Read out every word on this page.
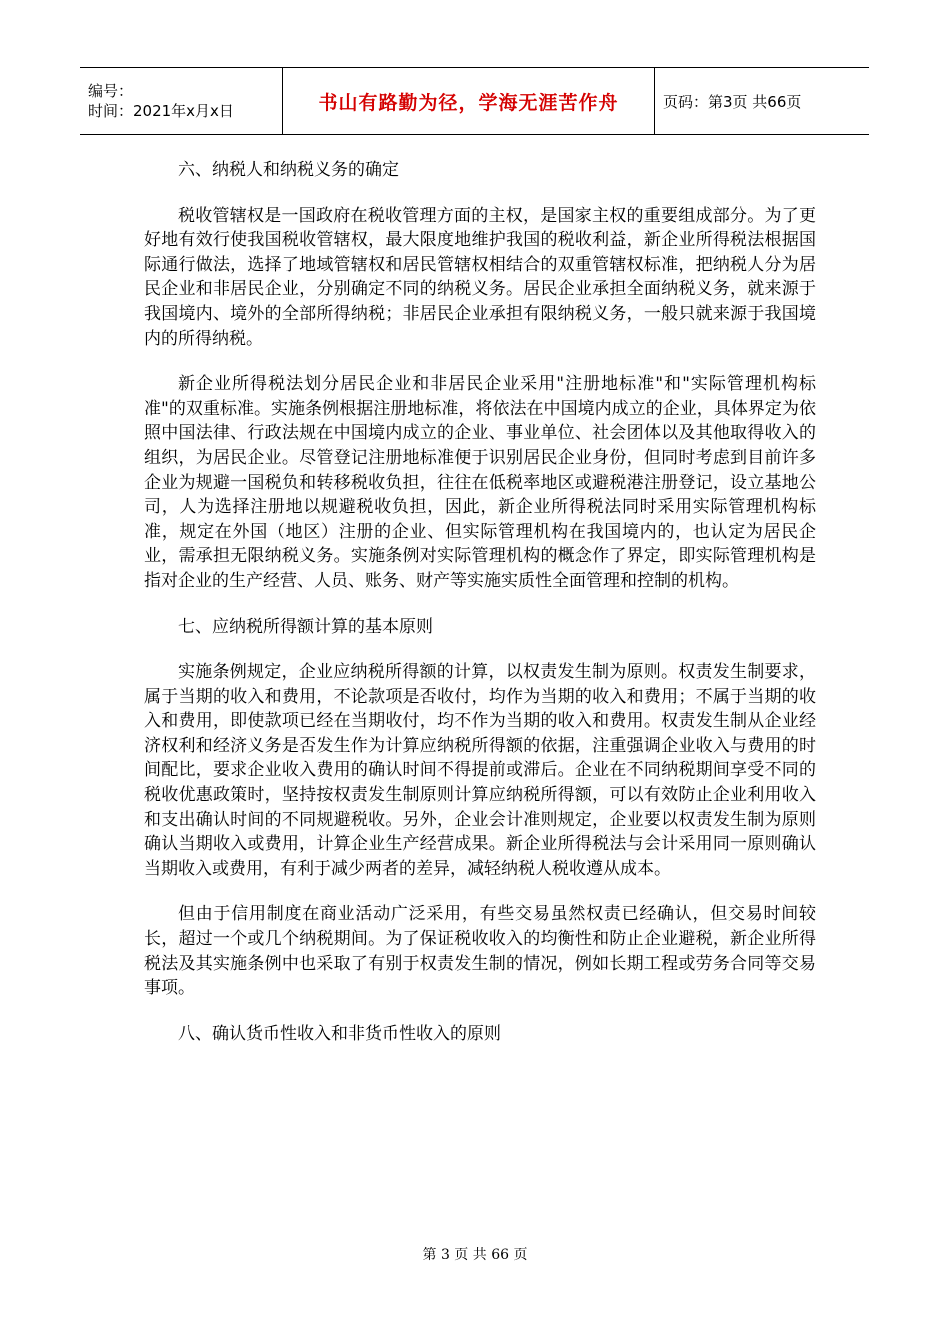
编号：
时间：2021年x月x日	书山有路勤为径，学海无涯苦作舟	页码：第3页 共66页

六、纳税人和纳税义务的确定

税收管辖权是一国政府在税收管理方面的主权，是国家主权的重要组成部分。为了更好地有效行使我国税收管辖权，最大限度地维护我国的税收利益，新企业所得税法根据国际通行做法，选择了地域管辖权和居民管辖权相结合的双重管辖权标准，把纳税人分为居民企业和非居民企业，分别确定不同的纳税义务。居民企业承担全面纳税义务，就来源于我国境内、境外的全部所得纳税；非居民企业承担有限纳税义务，一般只就来源于我国境内的所得纳税。

新企业所得税法划分居民企业和非居民企业采用"注册地标准"和"实际管理机构标准"的双重标准。实施条例根据注册地标准，将依法在中国境内成立的企业，具体界定为依照中国法律、行政法规在中国境内成立的企业、事业单位、社会团体以及其他取得收入的组织，为居民企业。尽管登记注册地标准便于识别居民企业身份，但同时考虑到目前许多企业为规避一国税负和转移税收负担，往往在低税率地区或避税港注册登记，设立基地公司，人为选择注册地以规避税收负担，因此，新企业所得税法同时采用实际管理机构标准，规定在外国（地区）注册的企业、但实际管理机构在我国境内的，也认定为居民企业，需承担无限纳税义务。实施条例对实际管理机构的概念作了界定，即实际管理机构是指对企业的生产经营、人员、账务、财产等实施实质性全面管理和控制的机构。

七、应纳税所得额计算的基本原则

实施条例规定，企业应纳税所得额的计算，以权责发生制为原则。权责发生制要求，属于当期的收入和费用，不论款项是否收付，均作为当期的收入和费用；不属于当期的收入和费用，即使款项已经在当期收付，均不作为当期的收入和费用。权责发生制从企业经济权利和经济义务是否发生作为计算应纳税所得额的依据，注重强调企业收入与费用的时间配比，要求企业收入费用的确认时间不得提前或滞后。企业在不同纳税期间享受不同的税收优惠政策时，坚持按权责发生制原则计算应纳税所得额，可以有效防止企业利用收入和支出确认时间的不同规避税收。另外，企业会计准则规定，企业要以权责发生制为原则确认当期收入或费用，计算企业生产经营成果。新企业所得税法与会计采用同一原则确认当期收入或费用，有利于减少两者的差异，减轻纳税人税收遵从成本。

但由于信用制度在商业活动广泛采用，有些交易虽然权责已经确认，但交易时间较长，超过一个或几个纳税期间。为了保证税收收入的均衡性和防止企业避税，新企业所得税法及其实施条例中也采取了有别于权责发生制的情况，例如长期工程或劳务合同等交易事项。

八、确认货币性收入和非货币性收入的原则

第 3 页 共 66 页
